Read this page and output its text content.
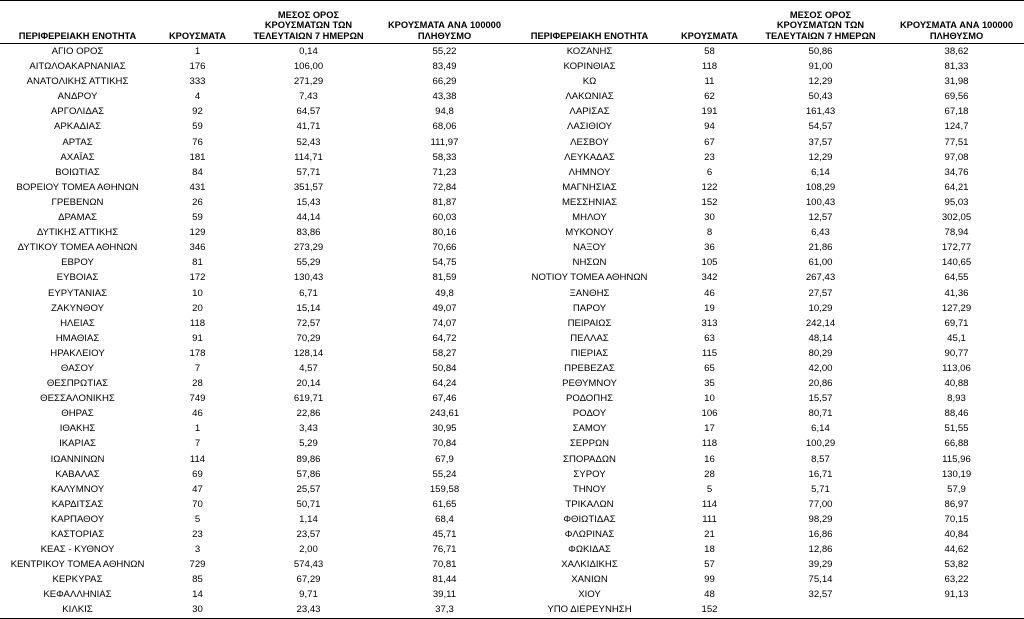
ΠΕΡΙΦΕΡΕΙΑΚΗ ΕΝΟΤΗΤΑ	ΚΡΟΥΣΜΑΤΑ	ΜΕΣΟΣ ΟΡΟΣ
ΚΡΟΥΣΜΑΤΩΝ ΤΩΝ
ΤΕΛΕΥΤΑΙΩΝ 7 ΗΜΕΡΩΝ	ΚΡΟΥΣΜΑΤΑ ΑΝΑ 100000 ΠΛΗΘΥΣΜΟ	ΠΕΡΙΦΕΡΕΙΑΚΗ ΕΝΟΤΗΤΑ	ΚΡΟΥΣΜΑΤΑ	ΜΕΣΟΣ ΟΡΟΣ
ΚΡΟΥΣΜΑΤΩΝ ΤΩΝ
ΤΕΛΕΥΤΑΙΩΝ 7 ΗΜΕΡΩΝ	ΚΡΟΥΣΜΑΤΑ ΑΝΑ 100000 ΠΛΗΘΥΣΜΟ
ΑΓΙΟ ΟΡΟΣ	1	0,14	55,22	ΚΟΖΑΝΗΣ	58	50,86	38,62
ΑΙΤΩΛΟΑΚΑΡΝΑΝΙΑΣ	176	106,00	83,49	ΚΟΡΙΝΘΙΑΣ	118	91,00	81,33
ΑΝΑΤΟΛΙΚΗΣ ΑΤΤΙΚΗΣ	333	271,29	66,29	ΚΩ	11	12,29	31,98
ΑΝΔΡΟΥ	4	7,43	43,38	ΛΑΚΩΝΙΑΣ	62	50,43	69,56
ΑΡΓΟΛΙΔΑΣ	92	64,57	94,8	ΛΑΡΙΣΑΣ	191	161,43	67,18
ΑΡΚΑΔΙΑΣ	59	41,71	68,06	ΛΑΣΙΘΙΟΥ	94	54,57	124,7
ΑΡΤΑΣ	76	52,43	111,97	ΛΕΣΒΟΥ	67	37,57	77,51
ΑΧΑΪΑΣ	181	114,71	58,33	ΛΕΥΚΑΔΑΣ	23	12,29	97,08
ΒΟΙΩΤΙΑΣ	84	57,71	71,23	ΛΗΜΝΟΥ	6	6,14	34,76
ΒΟΡΕΙΟΥ ΤΟΜΕΑ ΑΘΗΝΩΝ	431	351,57	72,84	ΜΑΓΝΗΣΙΑΣ	122	108,29	64,21
ΓΡΕΒΕΝΩΝ	26	15,43	81,87	ΜΕΣΣΗΝΙΑΣ	152	100,43	95,03
ΔΡΑΜΑΣ	59	44,14	60,03	ΜΗΛΟΥ	30	12,57	302,05
ΔΥΤΙΚΗΣ ΑΤΤΙΚΗΣ	129	83,86	80,16	ΜΥΚΟΝΟΥ	8	6,43	78,94
ΔΥΤΙΚΟΥ ΤΟΜΕΑ ΑΘΗΝΩΝ	346	273,29	70,66	ΝΑΞΟΥ	36	21,86	172,77
ΕΒΡΟΥ	81	55,29	54,75	ΝΗΣΩΝ	105	61,00	140,65
ΕΥΒΟΙΑΣ	172	130,43	81,59	ΝΟΤΙΟΥ ΤΟΜΕΑ ΑΘΗΝΩΝ	342	267,43	64,55
ΕΥΡΥΤΑΝΙΑΣ	10	6,71	49,8	ΞΑΝΘΗΣ	46	27,57	41,36
ΖΑΚΥΝΘΟΥ	20	15,14	49,07	ΠΑΡΟΥ	19	10,29	127,29
ΗΛΕΙΑΣ	118	72,57	74,07	ΠΕΙΡΑΙΩΣ	313	242,14	69,71
ΗΜΑΘΙΑΣ	91	70,29	64,72	ΠΕΛΛΑΣ	63	48,14	45,1
ΗΡΑΚΛΕΙΟΥ	178	128,14	58,27	ΠΙΕΡΙΑΣ	115	80,29	90,77
ΘΑΣΟΥ	7	4,57	50,84	ΠΡΕΒΕΖΑΣ	65	42,00	113,06
ΘΕΣΠΡΩΤΙΑΣ	28	20,14	64,24	ΡΕΘΥΜΝΟΥ	35	20,86	40,88
ΘΕΣΣΑΛΟΝΙΚΗΣ	749	619,71	67,46	ΡΟΔΟΠΗΣ	10	15,57	8,93
ΘΗΡΑΣ	46	22,86	243,61	ΡΟΔΟΥ	106	80,71	88,46
ΙΘΑΚΗΣ	1	3,43	30,95	ΣΑΜΟΥ	17	6,14	51,55
ΙΚΑΡΙΑΣ	7	5,29	70,84	ΣΕΡΡΩΝ	118	100,29	66,88
ΙΩΑΝΝΙΝΩΝ	114	89,86	67,9	ΣΠΟΡΑΔΩΝ	16	8,57	115,96
ΚΑΒΑΛΑΣ	69	57,86	55,24	ΣΥΡΟΥ	28	16,71	130,19
ΚΑΛΥΜΝΟΥ	47	25,57	159,58	ΤΗΝΟΥ	5	5,71	57,9
ΚΑΡΔΙΤΣΑΣ	70	50,71	61,65	ΤΡΙΚΑΛΩΝ	114	77,00	86,97
ΚΑΡΠΑΘΟΥ	5	1,14	68,4	ΦΘΙΩΤΙΔΑΣ	111	98,29	70,15
ΚΑΣΤΟΡΙΑΣ	23	23,57	45,71	ΦΛΩΡΙΝΑΣ	21	16,86	40,84
ΚΕΑΣ - ΚΥΘΝΟΥ	3	2,00	76,71	ΦΩΚΙΔΑΣ	18	12,86	44,62
ΚΕΝΤΡΙΚΟΥ ΤΟΜΕΑ ΑΘΗΝΩΝ	729	574,43	70,81	ΧΑΛΚΙΔΙΚΗΣ	57	39,29	53,82
ΚΕΡΚΥΡΑΣ	85	67,29	81,44	ΧΑΝΙΩΝ	99	75,14	63,22
ΚΕΦΑΛΛΗΝΙΑΣ	14	9,71	39,11	ΧΙΟΥ	48	32,57	91,13
ΚΙΛΚΙΣ	30	23,43	37,3	ΥΠΟ ΔΙΕΡΕΥΝΗΣΗ	152		
